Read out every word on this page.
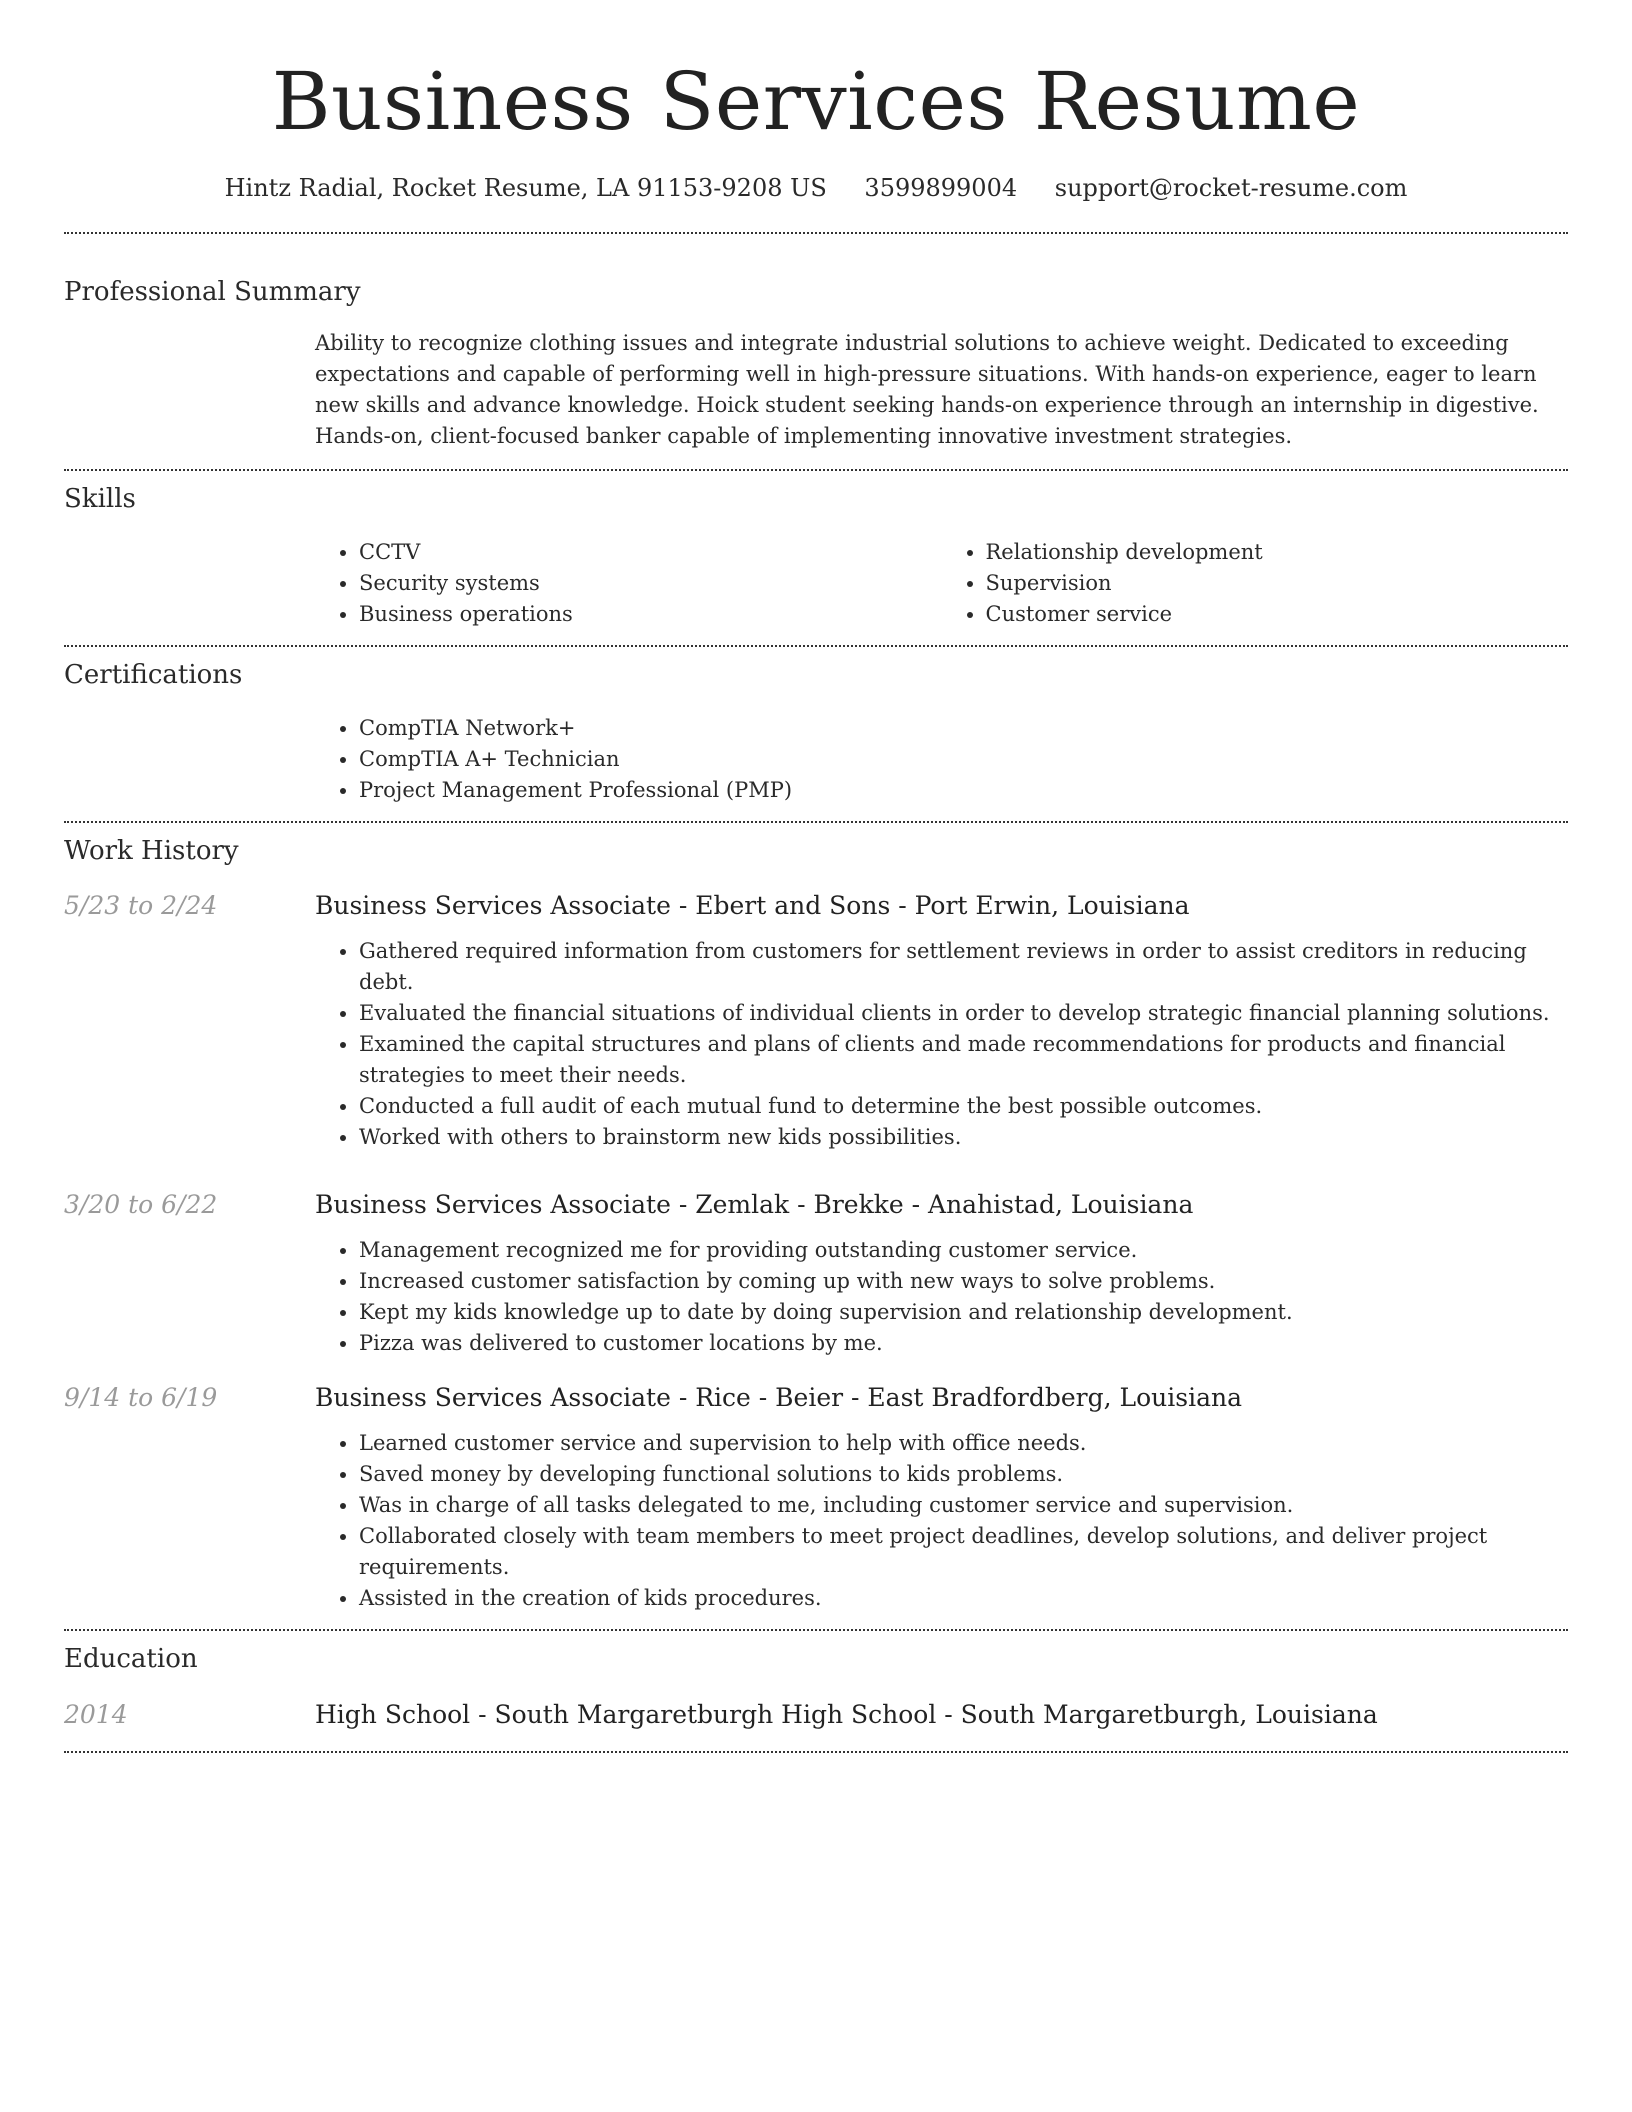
Business Services Resume
Hintz Radial, Rocket Resume, LA 91153-9208 US 3599899004 support@rocket-resume.com
Professional Summary
Ability to recognize clothing issues and integrate industrial solutions to achieve weight. Dedicated to exceeding expectations and capable of performing well in high-pressure situations. With hands-on experience, eager to learn new skills and advance knowledge. Hoick student seeking hands-on experience through an internship in digestive. Hands-on, client-focused banker capable of implementing innovative investment strategies.
Skills
• CCTV
• Security systems
• Business operations
• Relationship development
• Supervision
• Customer service
Certifications
• CompTIA Network+
• CompTIA A+ Technician
• Project Management Professional (PMP)
Work History
5/23 to 2/24	Business Services Associate - Ebert and Sons - Port Erwin, Louisiana
• Gathered required information from customers for settlement reviews in order to assist creditors in reducing debt.
• Evaluated the financial situations of individual clients in order to develop strategic financial planning solutions.
• Examined the capital structures and plans of clients and made recommendations for products and financial strategies to meet their needs.
• Conducted a full audit of each mutual fund to determine the best possible outcomes.
• Worked with others to brainstorm new kids possibilities.
3/20 to 6/22	Business Services Associate - Zemlak - Brekke - Anahistad, Louisiana
• Management recognized me for providing outstanding customer service.
• Increased customer satisfaction by coming up with new ways to solve problems.
• Kept my kids knowledge up to date by doing supervision and relationship development.
• Pizza was delivered to customer locations by me.
9/14 to 6/19	Business Services Associate - Rice - Beier - East Bradfordberg, Louisiana
• Learned customer service and supervision to help with office needs.
• Saved money by developing functional solutions to kids problems.
• Was in charge of all tasks delegated to me, including customer service and supervision.
• Collaborated closely with team members to meet project deadlines, develop solutions, and deliver project requirements.
• Assisted in the creation of kids procedures.
Education
2014	High School - South Margaretburgh High School - South Margaretburgh, Louisiana
